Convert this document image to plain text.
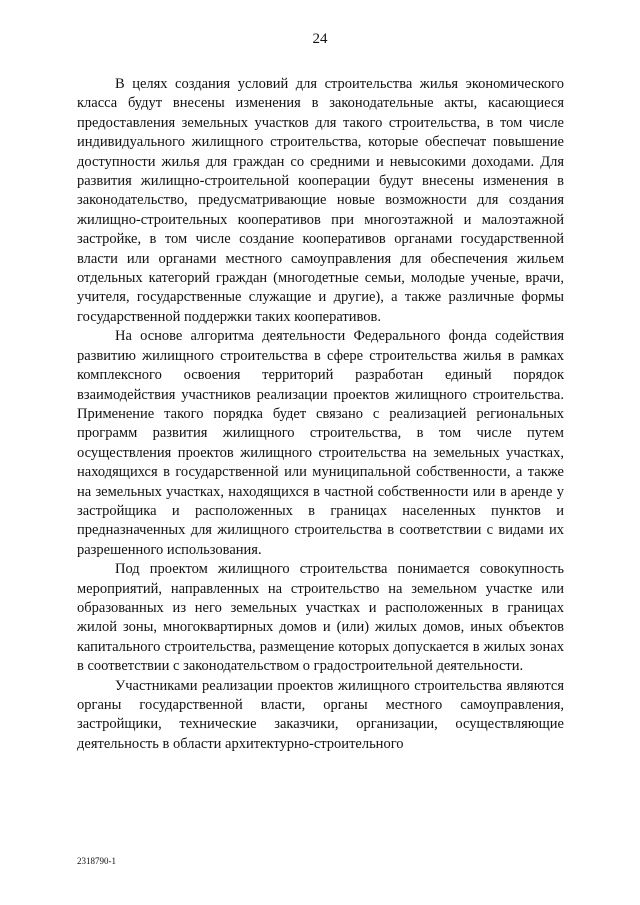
24

В целях создания условий для строительства жилья экономического класса будут внесены изменения в законодательные акты, касающиеся предоставления земельных участков для такого строительства, в том числе индивидуального жилищного строительства, которые обеспечат повышение доступности жилья для граждан со средними и невысокими доходами. Для развития жилищно-строительной кооперации будут внесены изменения в законодательство, предусматривающие новые возможности для создания жилищно-строительных кооперативов при многоэтажной и малоэтажной застройке, в том числе создание кооперативов органами государственной власти или органами местного самоуправления для обеспечения жильем отдельных категорий граждан (многодетные семьи, молодые ученые, врачи, учителя, государственные служащие и другие), а также различные формы государственной поддержки таких кооперативов.

На основе алгоритма деятельности Федерального фонда содействия развитию жилищного строительства в сфере строительства жилья в рамках комплексного освоения территорий разработан единый порядок взаимодействия участников реализации проектов жилищного строительства. Применение такого порядка будет связано с реализацией региональных программ развития жилищного строительства, в том числе путем осуществления проектов жилищного строительства на земельных участках, находящихся в государственной или муниципальной собственности, а также на земельных участках, находящихся в частной собственности или в аренде у застройщика и расположенных в границах населенных пунктов и предназначенных для жилищного строительства в соответствии с видами их разрешенного использования.

Под проектом жилищного строительства понимается совокупность мероприятий, направленных на строительство на земельном участке или образованных из него земельных участках и расположенных в границах жилой зоны, многоквартирных домов и (или) жилых домов, иных объектов капитального строительства, размещение которых допускается в жилых зонах в соответствии с законодательством о градостроительной деятельности.

Участниками реализации проектов жилищного строительства являются органы государственной власти, органы местного самоуправления, застройщики, технические заказчики, организации, осуществляющие деятельность в области архитектурно-строительного

2318790-1
